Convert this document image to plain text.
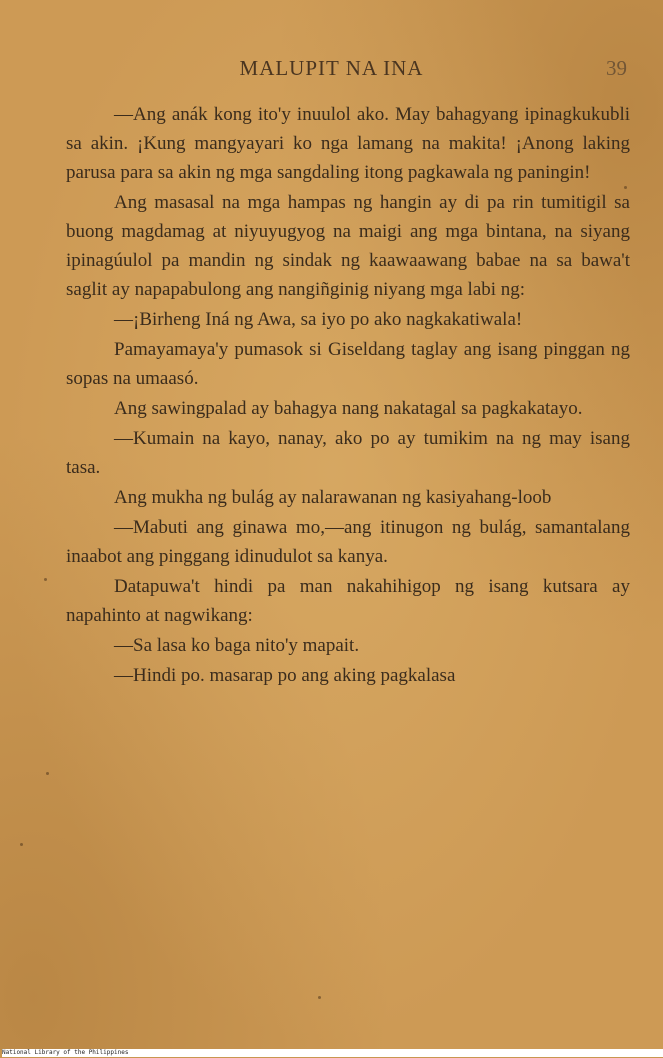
MALUPIT NA INA	39

—Ang anák kong ito'y inuulol ako. May bahagyang ipinagkukubli sa akin. ¡Kung mangyayari ko nga lamang na makita! ¡Anong laking parusa para sa akin ng mga sangdaling itong pagkawala ng paningin!

Ang masasal na mga hampas ng hangin ay di pa rin tumitigil sa buong magdamag at niyuyugyog na maigi ang mga bintana, na siyang ipinagúulol pa mandin ng sindak ng kaawaawang babae na sa bawa't saglit ay napapabulong ang nangiñginig niyang mga labi ng:

—¡Birheng Iná ng Awa, sa iyo po ako nagkakatiwala!

Pamayamaya'y pumasok si Giseldang taglay ang isang pinggan ng sopas na umaasó.

Ang sawingpalad ay bahagya nang nakatagal sa pagkakatayo.

—Kumain na kayo, nanay, ako po ay tumikim na ng may isang tasa.

Ang mukha ng bulág ay nalarawanan ng kasiyahang-loob

—Mabuti ang ginawa mo,—ang itinugon ng bulág, samantalang inaabot ang pinggang idinudulot sa kanya.

Datapuwa't hindi pa man nakahihigop ng isang kutsara ay napahinto at nagwikang:

—Sa lasa ko baga nito'y mapait.

—Hindi po. masarap po ang aking pagkalasa

National Library of the Philippines
